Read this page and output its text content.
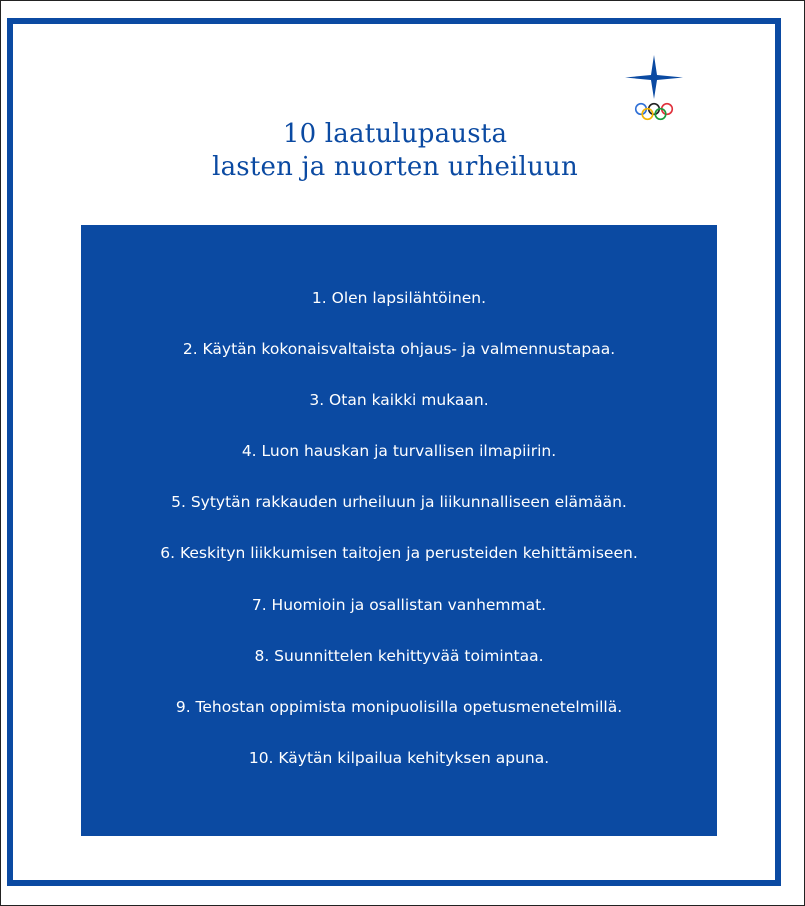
10 laatulupausta
lasten ja nuorten urheiluun
1. Olen lapsilähtöinen.
2. Käytän kokonaisvaltaista ohjaus- ja valmennustapaa.
3. Otan kaikki mukaan.
4. Luon hauskan ja turvallisen ilmapiirin.
5. Sytytän rakkauden urheiluun ja liikunnalliseen elämään.
6. Keskityn liikkumisen taitojen ja perusteiden kehittämiseen.
7. Huomioin ja osallistan vanhemmat.
8. Suunnittelen kehittyvää toimintaa.
9. Tehostan oppimista monipuolisilla opetusmenetelmillä.
10. Käytän kilpailua kehityksen apuna.
